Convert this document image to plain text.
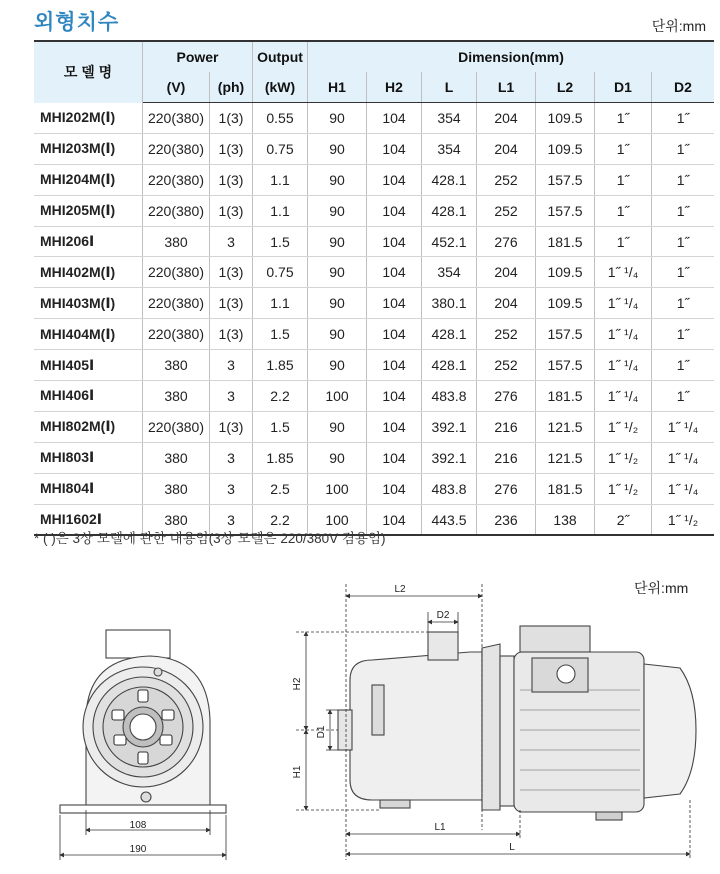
외형치수	단위:mm
모 델 명	Power		Output	Dimension(mm)						
	(V)	(ph)	(kW)	H1	H2	L	L1	L2	D1	D2
MHI202M(Ⅰ)	220(380)	1(3)	0.55	90	104	354	204	109.5	1˝	1˝
MHI203M(Ⅰ)	220(380)	1(3)	0.75	90	104	354	204	109.5	1˝	1˝
MHI204M(Ⅰ)	220(380)	1(3)	1.1	90	104	428.1	252	157.5	1˝	1˝
MHI205M(Ⅰ)	220(380)	1(3)	1.1	90	104	428.1	252	157.5	1˝	1˝
MHI206Ⅰ	380	3	1.5	90	104	452.1	276	181.5	1˝	1˝
MHI402M(Ⅰ)	220(380)	1(3)	0.75	90	104	354	204	109.5	1˝ ¹/₄	1˝
MHI403M(Ⅰ)	220(380)	1(3)	1.1	90	104	380.1	204	109.5	1˝ ¹/₄	1˝
MHI404M(Ⅰ)	220(380)	1(3)	1.5	90	104	428.1	252	157.5	1˝ ¹/₄	1˝
MHI405Ⅰ	380	3	1.85	90	104	428.1	252	157.5	1˝ ¹/₄	1˝
MHI406Ⅰ	380	3	2.2	100	104	483.8	276	181.5	1˝ ¹/₄	1˝
MHI802M(Ⅰ)	220(380)	1(3)	1.5	90	104	392.1	216	121.5	1˝ ¹/₂	1˝ ¹/₄
MHI803Ⅰ	380	3	1.85	90	104	392.1	216	121.5	1˝ ¹/₂	1˝ ¹/₄
MHI804Ⅰ	380	3	2.5	100	104	483.8	276	181.5	1˝ ¹/₂	1˝ ¹/₄
MHI1602Ⅰ	380	3	2.2	100	104	443.5	236	138	2˝	1˝ ¹/₂
* ( )은 3상 모델에 관한 내용임(3상 모델은 220/380V 겸용임)
단위:mm
108
190
L2
D2
H2
D1
H1
L1
L
